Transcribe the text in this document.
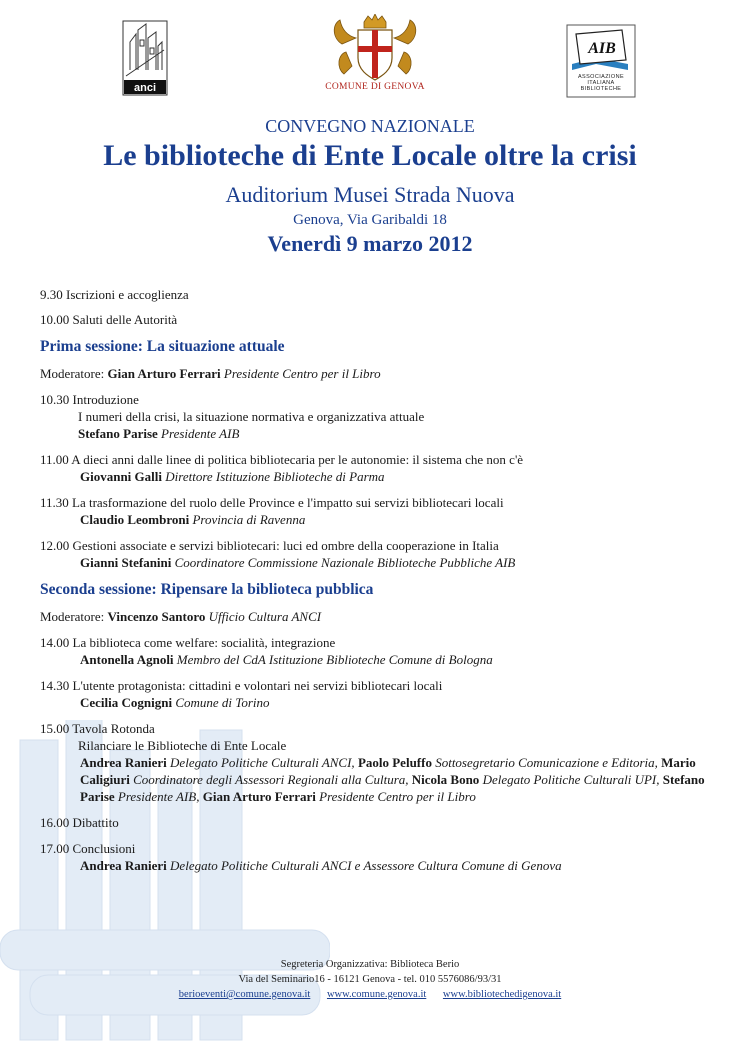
anci	COMUNE DI GENOVA
AIB
ASSOCIAZIONE ITALIANA BIBLIOTECHE
CONVEGNO NAZIONALE
Le biblioteche di Ente Locale oltre la crisi
Auditorium Musei Strada Nuova
Genova, Via Garibaldi 18
Venerdì 9 marzo 2012
9.30 Iscrizioni e accoglienza
10.00 Saluti delle Autorità
Prima sessione: La situazione attuale
Moderatore: Gian Arturo Ferrari Presidente Centro per il Libro
10.30 Introduzione
I numeri della crisi, la situazione normativa e organizzativa attuale
Stefano Parise Presidente AIB
11.00 A dieci anni dalle linee di politica bibliotecaria per le autonomie: il sistema che non c'è
Giovanni Galli Direttore Istituzione Biblioteche di Parma
11.30 La trasformazione del ruolo delle Province e l'impatto sui servizi bibliotecari locali
Claudio Leombroni Provincia di Ravenna
12.00 Gestioni associate e servizi bibliotecari: luci ed ombre della cooperazione in Italia
Gianni Stefanini Coordinatore Commissione Nazionale Biblioteche Pubbliche AIB
Seconda sessione: Ripensare la biblioteca pubblica
Moderatore: Vincenzo Santoro Ufficio Cultura ANCI
14.00 La biblioteca come welfare: socialità, integrazione
Antonella Agnoli Membro del CdA Istituzione Biblioteche Comune di Bologna
14.30 L'utente protagonista: cittadini e volontari nei servizi bibliotecari locali
Cecilia Cognigni Comune di Torino
15.00 Tavola Rotonda
Rilanciare le Biblioteche di Ente Locale
Andrea Ranieri Delegato Politiche Culturali ANCI, Paolo Peluffo Sottosegretario Comunicazione e Editoria, Mario Caligiuri Coordinatore degli Assessori Regionali alla Cultura, Nicola Bono Delegato Politiche Culturali UPI, Stefano Parise Presidente AIB, Gian Arturo Ferrari Presidente Centro per il Libro
16.00 Dibattito
17.00 Conclusioni
Andrea Ranieri Delegato Politiche Culturali ANCI e Assessore Cultura Comune di Genova
Segreteria Organizzativa: Biblioteca Berio
Via del Seminario16 - 16121 Genova - tel. 010 5576086/93/31
berioeventi@comune.genova.it www.comune.genova.it www.bibliotechedigenova.it
